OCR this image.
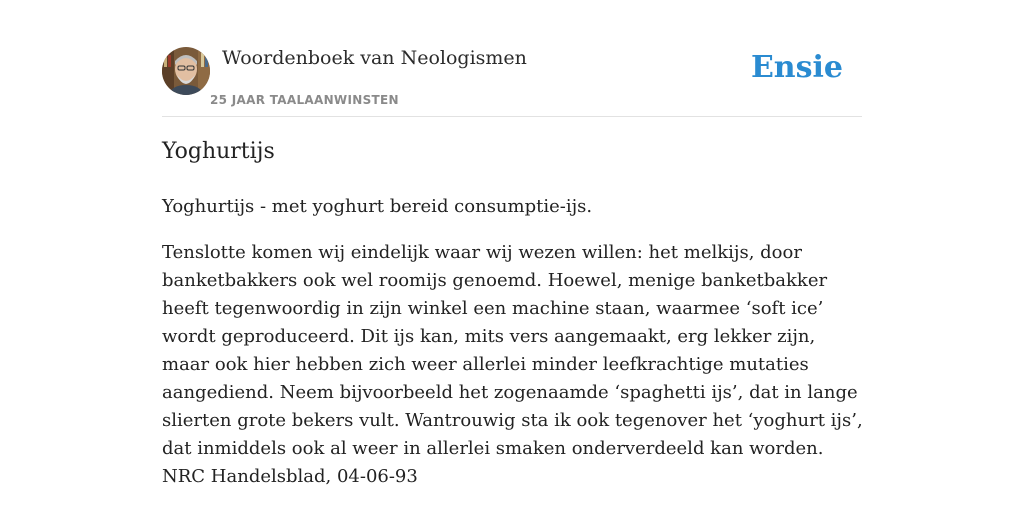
Woordenboek van Neologismen
25 JAAR TAALAANWINSTEN
Ensie
Yoghurtijs

Yoghurtijs - met yoghurt bereid consumptie-ijs.

Tenslotte komen wij eindelijk waar wij wezen willen: het melkijs, door banketbakkers ook wel roomijs genoemd. Hoewel, menige banketbakker heeft tegenwoordig in zijn winkel een machine staan, waarmee ‘soft ice’ wordt geproduceerd. Dit ijs kan, mits vers aangemaakt, erg lekker zijn, maar ook hier hebben zich weer allerlei minder leefkrachtige mutaties aangediend. Neem bijvoorbeeld het zogenaamde ‘spaghetti ijs’, dat in lange slierten grote bekers vult. Wantrouwig sta ik ook tegenover het ‘yoghurt ijs’, dat inmiddels ook al weer in allerlei smaken onderverdeeld kan worden. NRC Handelsblad, 04-06-93
